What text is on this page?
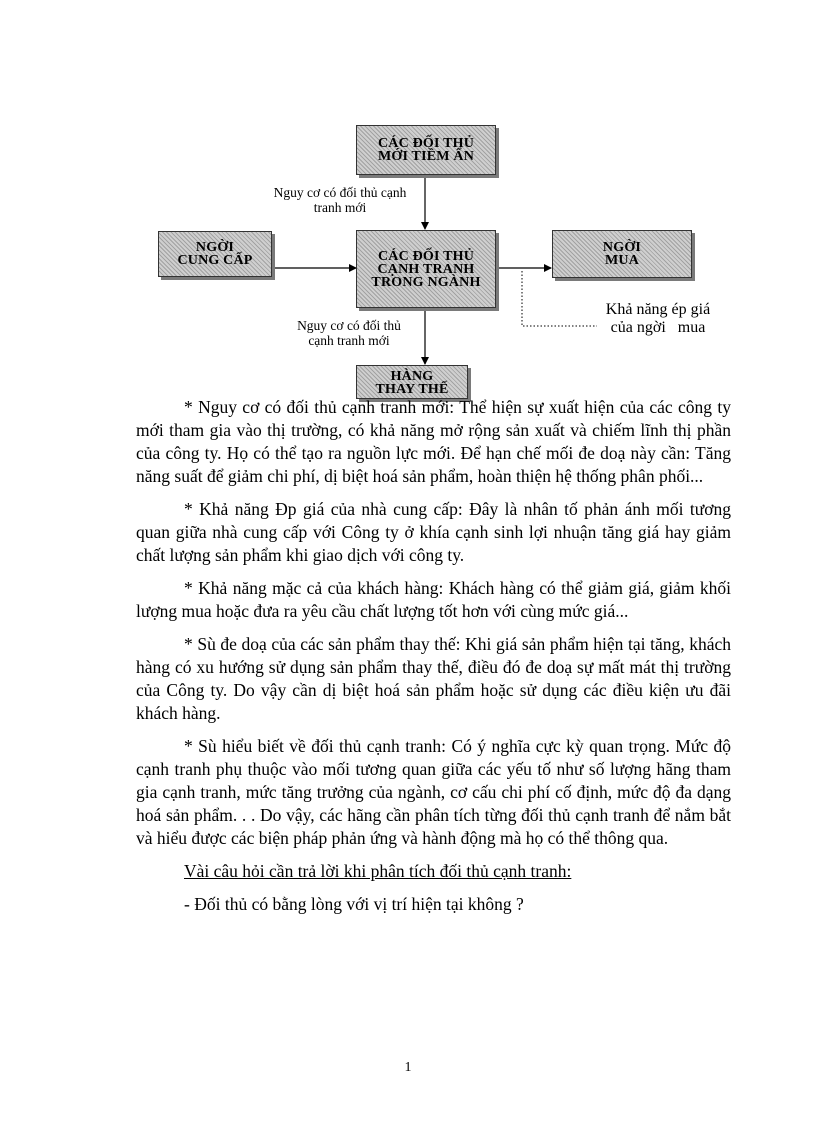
CÁC ĐỐI THỦ
MỚI TIỀM ẨN
NGỜI
CUNG CẤP	CÁC ĐỐI THỦ
CẠNH TRANH
TRONG NGÀNH
NGỜI
MUA
HÀNG
THAY THẾ
Nguy cơ có đối thủ cạnh
tranh mới
Nguy cơ có đối thủ
cạnh tranh mới
Khả năng ép giá
của ngời   mua

* Nguy cơ có đối thủ cạnh tranh mới: Thể hiện sự xuất hiện của các công ty mới tham gia vào thị trường, có khả năng mở rộng sản xuất và chiếm lĩnh thị phần của công ty. Họ có thể tạo ra nguồn lực mới. Để hạn chế mối đe doạ này cần: Tăng năng suất để giảm chi phí, dị biệt hoá sản phẩm, hoàn thiện hệ thống phân phối...

* Khả năng Đp giá của nhà cung cấp: Đây là nhân tố phản ánh mối tương quan giữa nhà cung cấp với Công ty ở khía cạnh sinh lợi nhuận tăng giá hay giảm chất lượng sản phẩm khi giao dịch với công ty.

* Khả năng mặc cả của khách hàng: Khách hàng có thể giảm giá, giảm khối lượng mua hoặc đưa ra yêu cầu chất lượng tốt hơn với cùng mức giá...

* Sù đe doạ của các sản phẩm thay thế: Khi giá sản phẩm hiện tại tăng, khách hàng có xu hướng sử dụng sản phẩm thay thế, điều đó đe doạ sự mất mát thị trường của Công ty. Do vậy cần dị biệt hoá sản phẩm hoặc sử dụng các điều kiện ưu đãi khách hàng.

* Sù hiểu biết về đối thủ cạnh tranh: Có ý nghĩa cực kỳ quan trọng. Mức độ cạnh tranh phụ thuộc vào mối tương quan giữa các yếu tố như số lượng hãng tham gia cạnh tranh, mức tăng trưởng của ngành, cơ cấu chi phí cố định, mức độ đa dạng hoá sản phẩm. . . Do vậy, các hãng cần phân tích từng đối thủ cạnh tranh để nắm bắt và hiểu được các biện pháp phản ứng và hành động mà họ có thể thông qua.

Vài câu hỏi cần trả lời khi phân tích đối thủ cạnh tranh:

- Đối thủ có bằng lòng với vị trí hiện tại không ?

1
